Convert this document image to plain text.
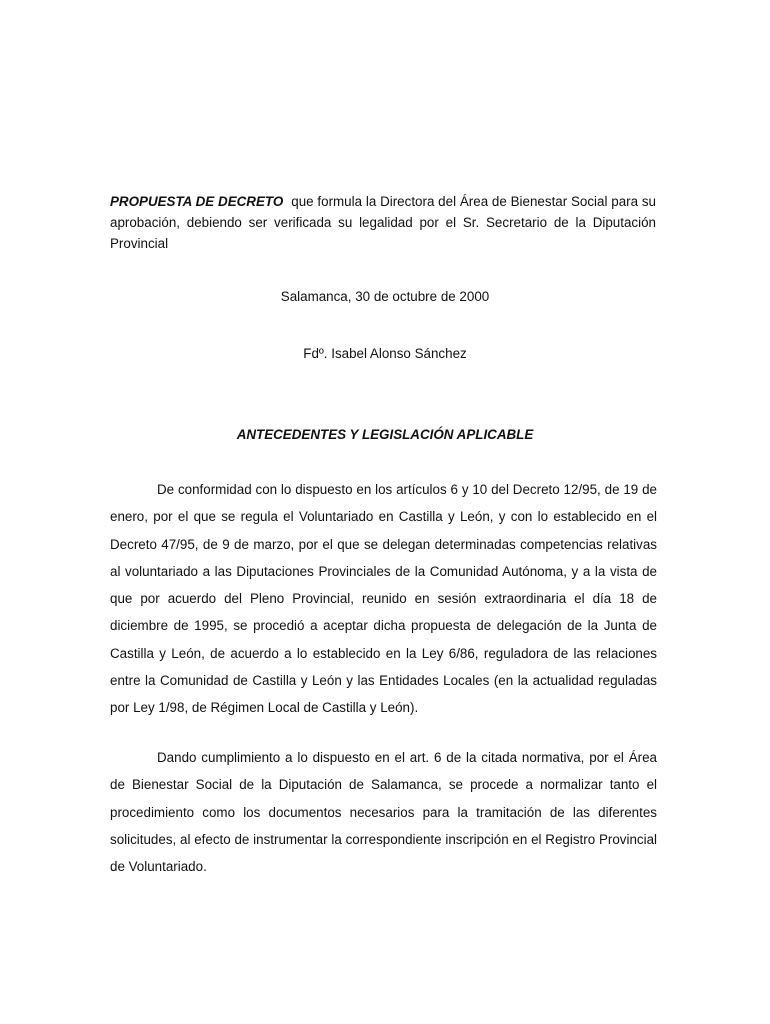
PROPUESTA DE DECRETO que formula la Directora del Área de Bienestar Social para su aprobación, debiendo ser verificada su legalidad por el Sr. Secretario de la Diputación Provincial
Salamanca, 30 de octubre de 2000
Fdº. Isabel Alonso Sánchez
ANTECEDENTES Y LEGISLACIÓN APLICABLE

De conformidad con lo dispuesto en los artículos 6 y 10 del Decreto 12/95, de 19 de enero, por el que se regula el Voluntariado en Castilla y León, y con lo establecido en el Decreto 47/95, de 9 de marzo, por el que se delegan determinadas competencias relativas al voluntariado a las Diputaciones Provinciales de la Comunidad Autónoma, y a la vista de que por acuerdo del Pleno Provincial, reunido en sesión extraordinaria el día 18 de diciembre de 1995, se procedió a aceptar dicha propuesta de delegación de la Junta de Castilla y León, de acuerdo a lo establecido en la Ley 6/86, reguladora de las relaciones entre la Comunidad de Castilla y León y las Entidades Locales (en la actualidad reguladas por Ley 1/98, de Régimen Local de Castilla y León).

Dando cumplimiento a lo dispuesto en el art. 6 de la citada normativa, por el Área de Bienestar Social de la Diputación de Salamanca, se procede a normalizar tanto el procedimiento como los documentos necesarios para la tramitación de las diferentes solicitudes, al efecto de instrumentar la correspondiente inscripción en el Registro Provincial de Voluntariado.
